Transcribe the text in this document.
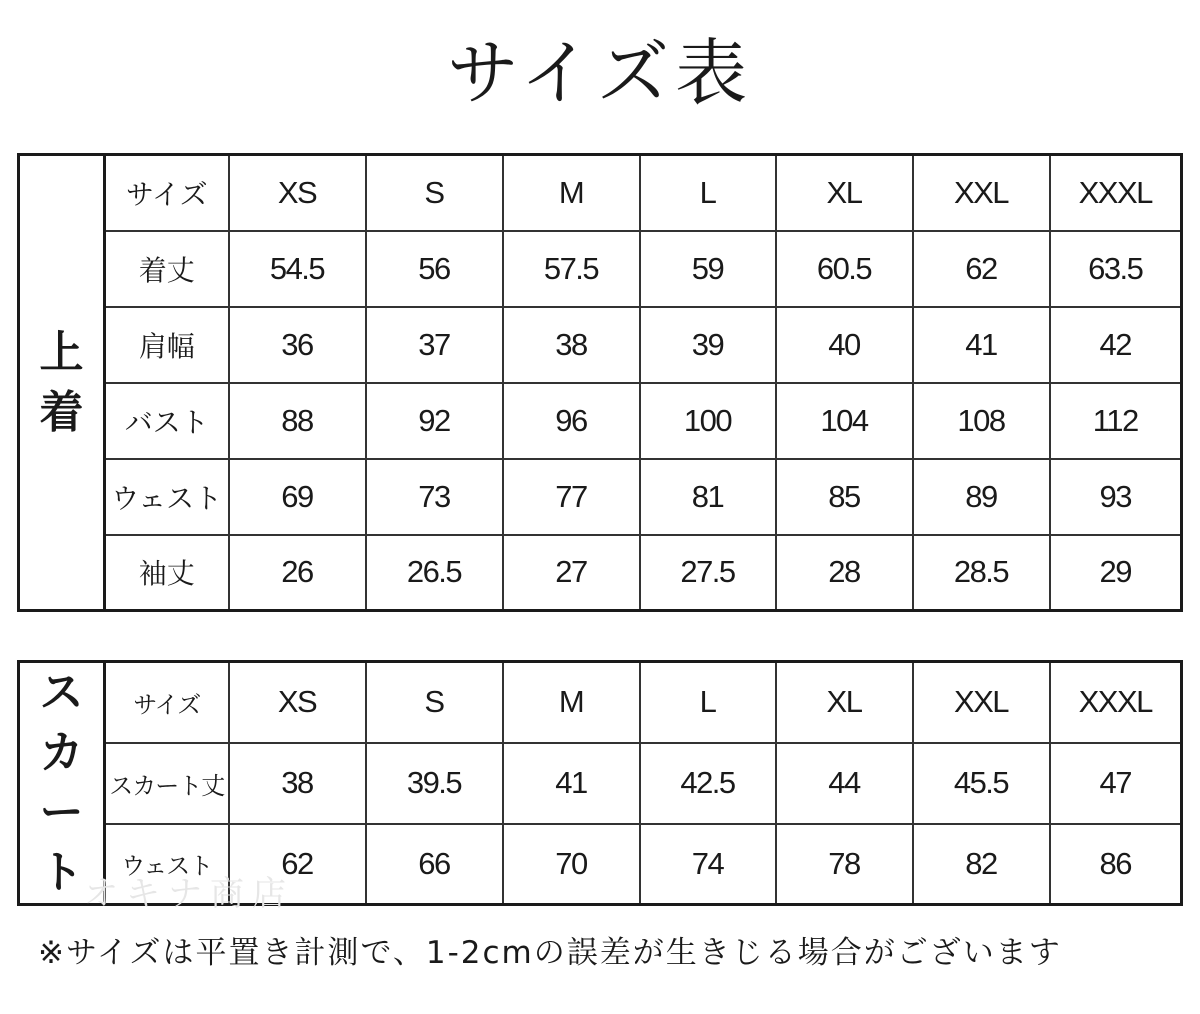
サイズ表
上着	サイズ	XS	S	M	L	XL	XXL	XXXL
	着丈	54.5	56	57.5	59	60.5	62	63.5
	肩幅	36	37	38	39	40	41	42
	バスト	88	92	96	100	104	108	112
	ウェスト	69	73	77	81	85	89	93
	袖丈	26	26.5	27	27.5	28	28.5	29
スカート	サイズ	XS	S	M	L	XL	XXL	XXXL
	スカート丈	38	39.5	41	42.5	44	45.5	47
	ウェスト	62	66	70	74	78	82	86
オキナ商店
※サイズは平置き計測で、1-2cmの誤差が生きじる場合がございます
